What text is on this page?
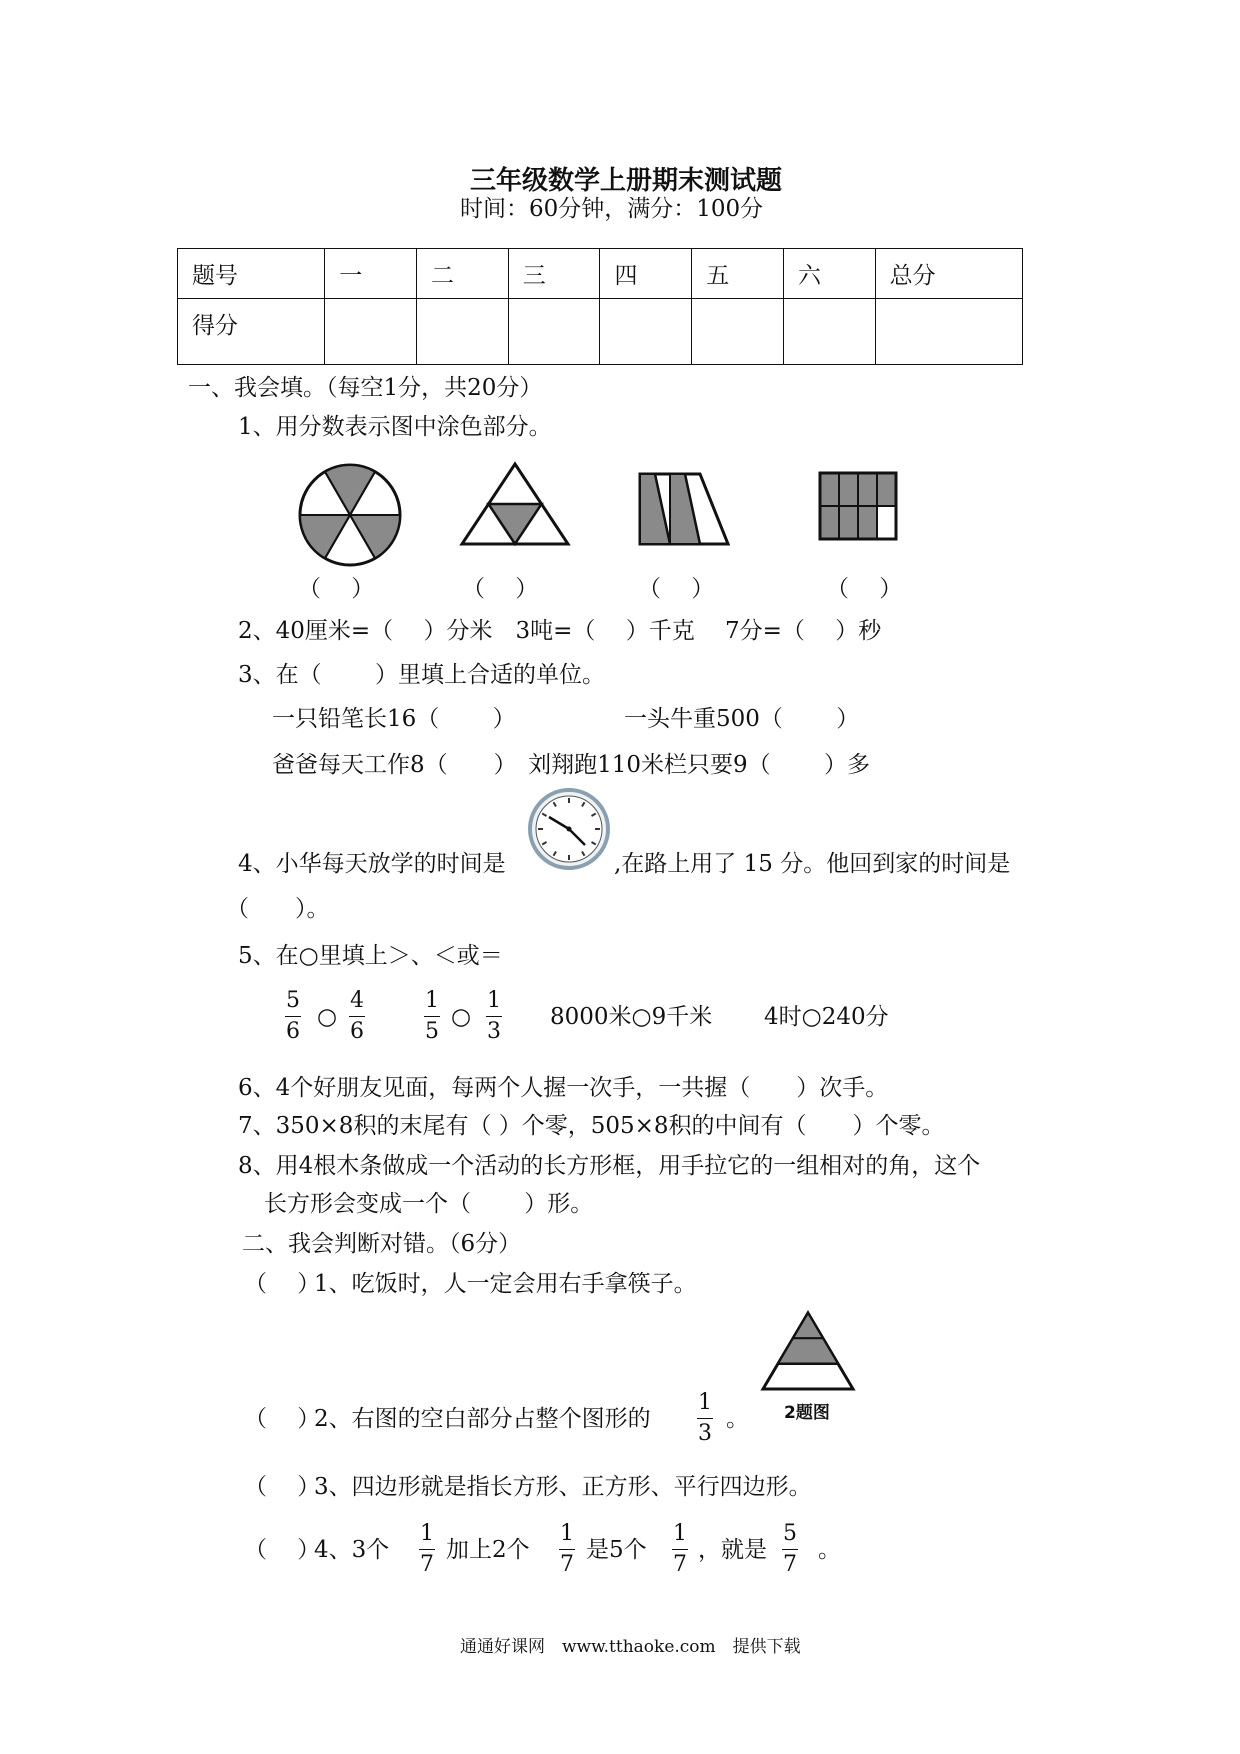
三年级数学上册期末测试题
时间：60分钟，满分：100分
题号	一	二	三	四	五	六	总分
得分							
一、我会填。（每空1分，共20分）
1、用分数表示图中涂色部分。
（　 ）	（　 ）	（　 ）	（　 ）
2、40厘米=（　 ）分米　3吨=（　 ）千克　 7分=（　 ）秒
3、在（　　 ）里填上合适的单位。
一只铅笔长16（　　 ）	一头牛重500（　　 ）
爸爸每天工作8（　　）　刘翔跑110米栏只要9（　　 ）多
4、小华每天放学的时间是	,在路上用了 15 分。他回到家的时间是
（　　）。
5、在○里填上＞、＜或＝
5
6
○
4
6
1
5
○
1
3
8000米○9千米 4时○240分
6、4个好朋友见面，每两个人握一次手，一共握（　　）次手。
7、350×8积的末尾有（ ）个零，505×8积的中间有（　　）个零。
8、用4根木条做成一个活动的长方形框，用手拉它的一组相对的角，这个
长方形会变成一个（　　 ）形。
二、我会判断对错。（6分）
（　 ）
1、吃饭时，人一定会用右手拿筷子。
2题图
（　 ）
2、右图的空白部分占整个图形的
1
3
。
（　 ）
3、四边形就是指长方形、正方形、平行四边形。
（　 ）
4、3个
1
7
加上2个
1
7
是5个
1
7
，就是
5
7
。
通通好课网　www.tthaoke.com　提供下载
